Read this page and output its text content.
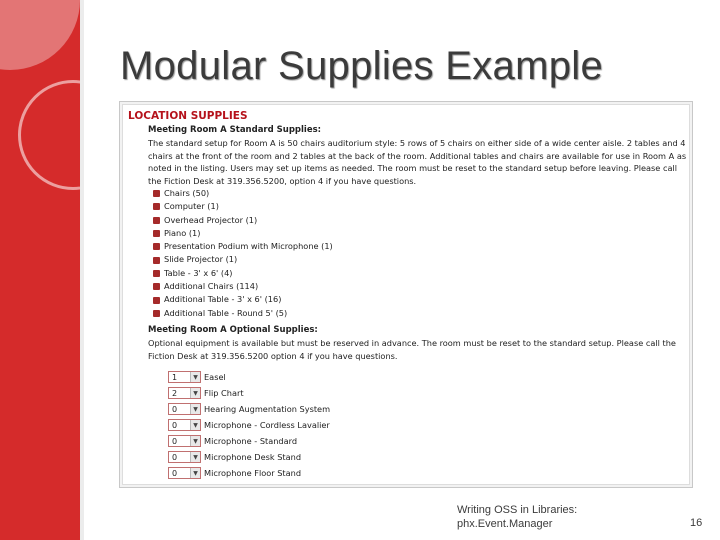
Modular Supplies Example
LOCATION SUPPLIES
Meeting Room A Standard Supplies:
The standard setup for Room A is 50 chairs auditorium style: 5 rows of 5 chairs on either side of a wide center aisle. 2 tables and 4 chairs at the front of the room and 2 tables at the back of the room. Additional tables and chairs are available for use in Room A as noted in the listing. Users may set up items as needed. The room must be reset to the standard setup before leaving. Please call the Fiction Desk at 319.356.5200, option 4 if you have questions.
Chairs (50)
Computer (1)
Overhead Projector (1)
Piano (1)
Presentation Podium with Microphone (1)
Slide Projector (1)
Table - 3' x 6' (4)
Additional Chairs (114)
Additional Table - 3' x 6' (16)
Additional Table - Round 5' (5)
Meeting Room A Optional Supplies:
Optional equipment is available but must be reserved in advance. The room must be reset to the standard setup. Please call the Fiction Desk at 319.356.5200 option 4 if you have questions.
1	▼ Easel
2	▼ Flip Chart
0	▼ Hearing Augmentation System
0	▼ Microphone - Cordless Lavalier
0	▼ Microphone - Standard
0	▼ Microphone Desk Stand
0	▼ Microphone Floor Stand
Writing OSS in Libraries:
phx.Event.Manager	16
